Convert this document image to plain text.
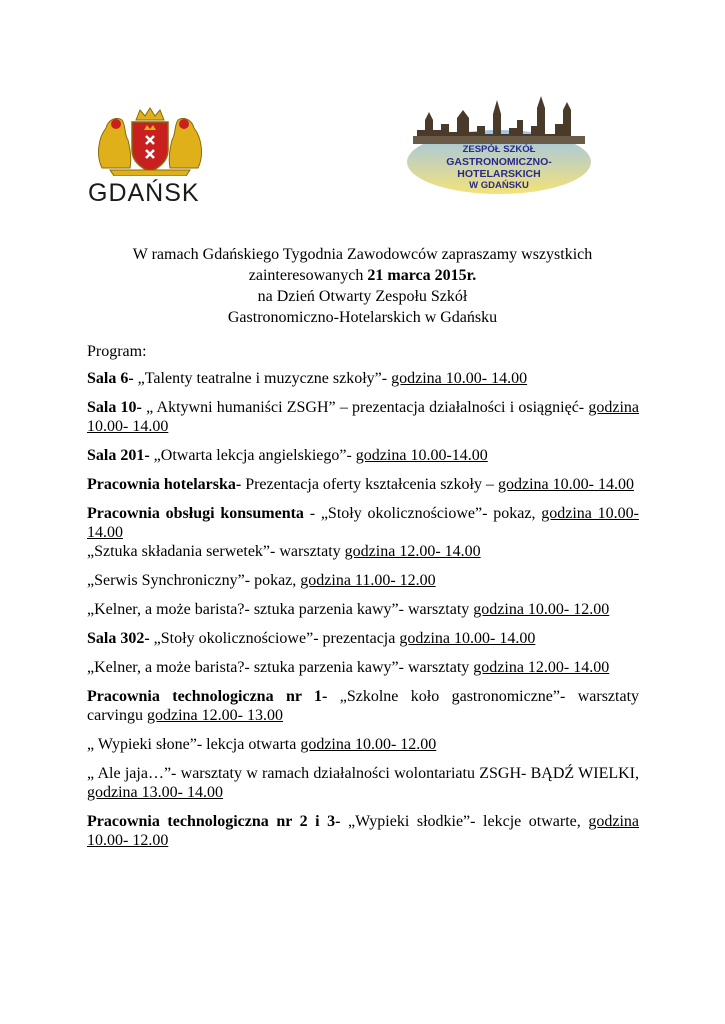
GDAŃSK
ZESPÓŁ SZKÓŁ
GASTRONOMICZNO-HOTELARSKICH
W GDAŃSKU
W ramach Gdańskiego Tygodnia Zawodowców zapraszamy wszystkich
zainteresowanych 21 marca 2015r.
na Dzień Otwarty Zespołu Szkół
Gastronomiczno-Hotelarskich w Gdańsku
Program:

Sala 6- „Talenty teatralne i muzyczne szkoły”- godzina 10.00- 14.00

Sala 10- „ Aktywni humaniści ZSGH” – prezentacja działalności i osiągnięć- godzina 10.00- 14.00

Sala 201- „Otwarta lekcja angielskiego”- godzina 10.00-14.00

Pracownia hotelarska- Prezentacja oferty kształcenia szkoły – godzina 10.00- 14.00

Pracownia obsługi konsumenta - „Stoły okolicznościowe”- pokaz, godzina 10.00-14.00

„Sztuka składania serwetek”- warsztaty godzina 12.00- 14.00

„Serwis Synchroniczny”- pokaz, godzina 11.00- 12.00

„Kelner, a może barista?- sztuka parzenia kawy”- warsztaty godzina 10.00- 12.00

Sala 302- „Stoły okolicznościowe”- prezentacja godzina 10.00- 14.00

„Kelner, a może barista?- sztuka parzenia kawy”- warsztaty godzina 12.00- 14.00

Pracownia technologiczna nr 1- „Szkolne koło gastronomiczne”- warsztaty carvingu godzina 12.00- 13.00

„ Wypieki słone”- lekcja otwarta godzina 10.00- 12.00

„ Ale jaja…”- warsztaty w ramach działalności wolontariatu ZSGH- BĄDŹ WIELKI, godzina 13.00- 14.00

Pracownia technologiczna nr 2 i 3- „Wypieki słodkie”- lekcje otwarte, godzina 10.00- 12.00
